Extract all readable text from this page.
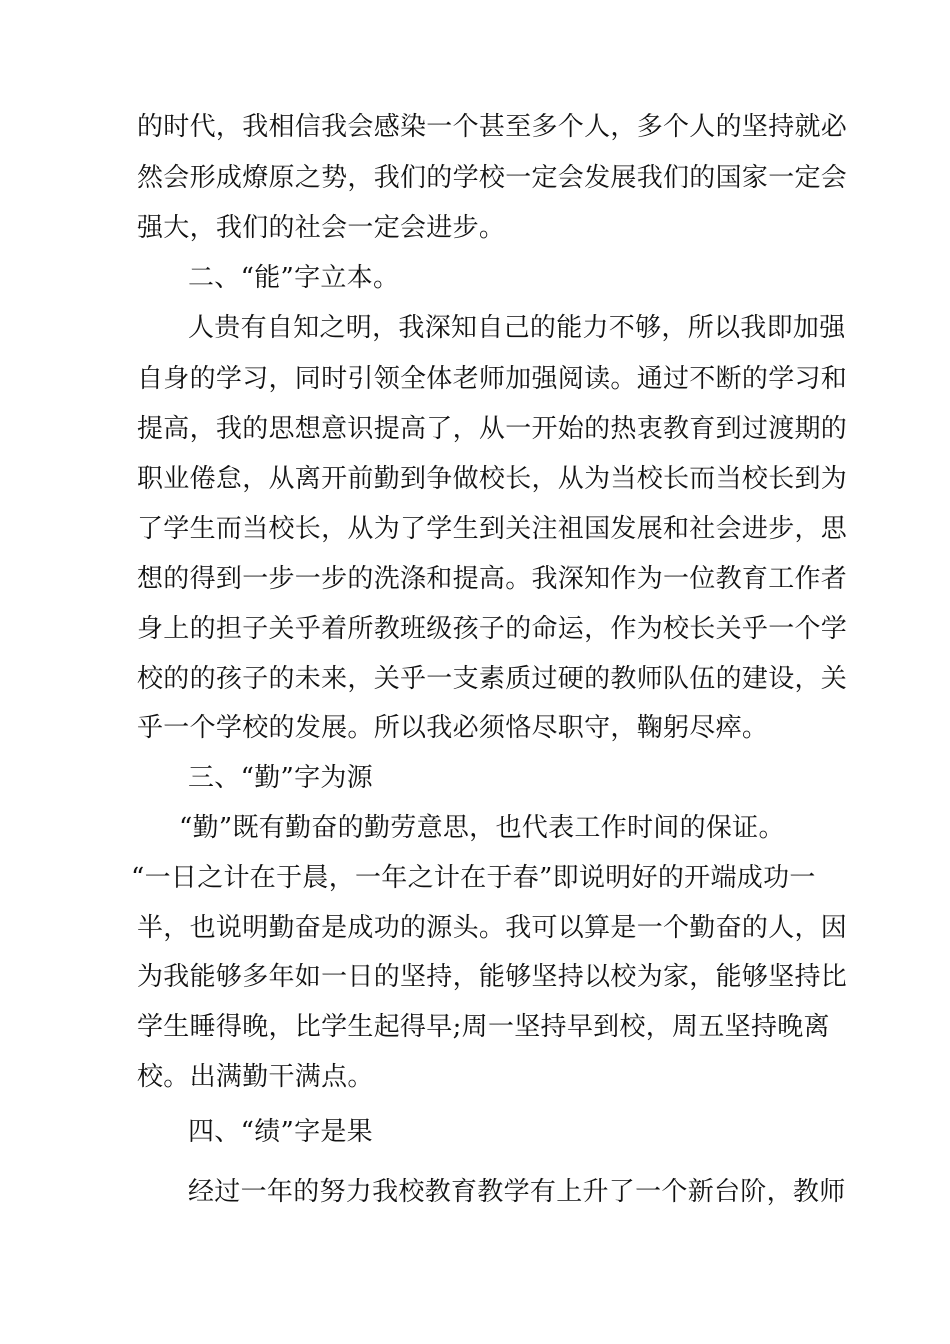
的时代，我相信我会感染一个甚至多个人，多个人的坚持就必
然会形成燎原之势，我们的学校一定会发展我们的国家一定会
强大，我们的社会一定会进步。
二、“能”字立本。
人贵有自知之明，我深知自己的能力不够，所以我即加强
自身的学习，同时引领全体老师加强阅读。通过不断的学习和
提高，我的思想意识提高了，从一开始的热衷教育到过渡期的
职业倦怠，从离开前勤到争做校长，从为当校长而当校长到为
了学生而当校长，从为了学生到关注祖国发展和社会进步，思
想的得到一步一步的洗涤和提高。我深知作为一位教育工作者
身上的担子关乎着所教班级孩子的命运，作为校长关乎一个学
校的的孩子的未来，关乎一支素质过硬的教师队伍的建设，关
乎一个学校的发展。所以我必须恪尽职守，鞠躬尽瘁。
三、“勤”字为源
“勤”既有勤奋的勤劳意思，也代表工作时间的保证。
“一日之计在于晨，一年之计在于春”即说明好的开端成功一
半，也说明勤奋是成功的源头。我可以算是一个勤奋的人，因
为我能够多年如一日的坚持，能够坚持以校为家，能够坚持比
学生睡得晚，比学生起得早;周一坚持早到校，周五坚持晚离
校。出满勤干满点。
四、“绩”字是果
经过一年的努力我校教育教学有上升了一个新台阶，教师
